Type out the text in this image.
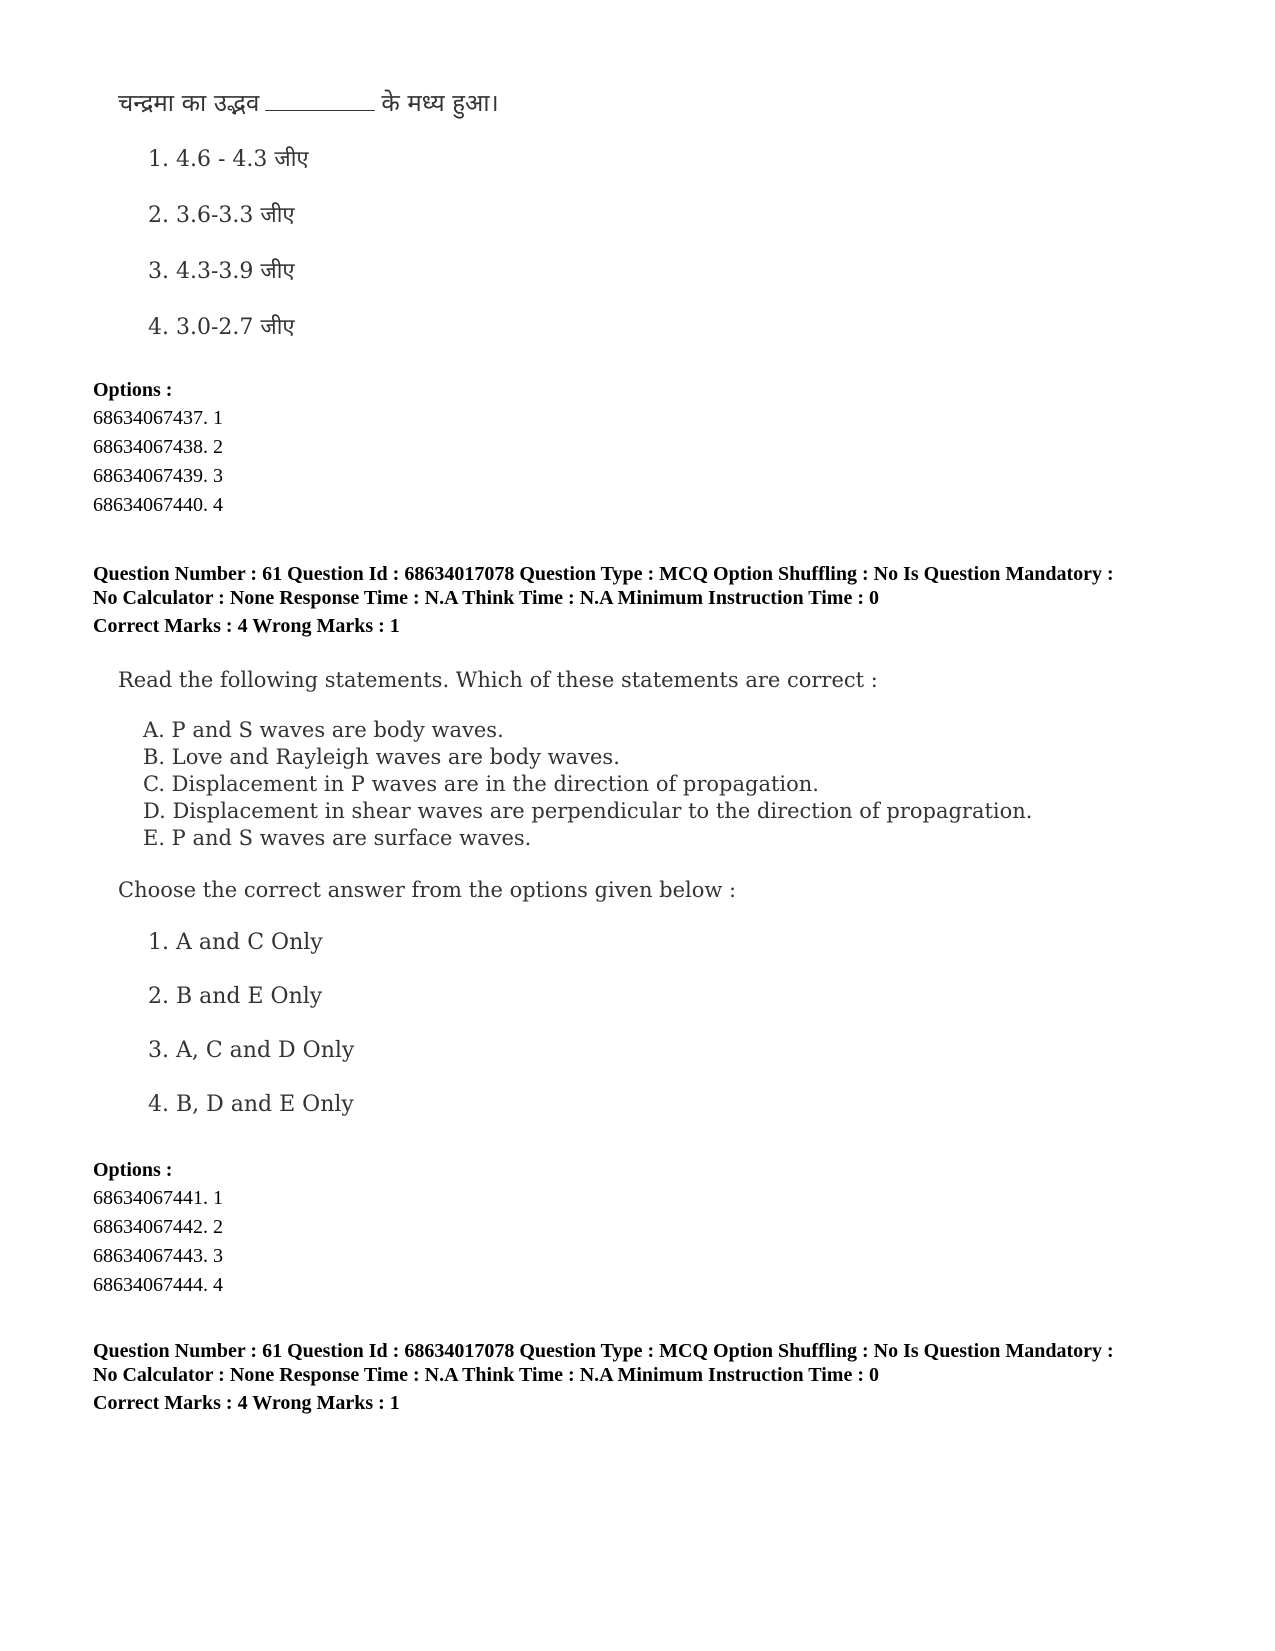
चन्द्रमा का उद्भव	के मध्य हुआ।
1. 4.6 - 4.3 जीए
2. 3.6-3.3 जीए
3. 4.3-3.9 जीए
4. 3.0-2.7 जीए
Options :
68634067437. 1
68634067438. 2
68634067439. 3
68634067440. 4
Question Number : 61 Question Id : 68634017078 Question Type : MCQ Option Shuffling : No Is Question Mandatory :
No Calculator : None Response Time : N.A Think Time : N.A Minimum Instruction Time : 0
Correct Marks : 4 Wrong Marks : 1
Read the following statements. Which of these statements are correct :
A. P and S waves are body waves.
B. Love and Rayleigh waves are body waves.
C. Displacement in P waves are in the direction of propagation.
D. Displacement in shear waves are perpendicular to the direction of propagration.
E. P and S waves are surface waves.
Choose the correct answer from the options given below :
1. A and C Only
2. B and E Only
3. A, C and D Only
4. B, D and E Only
Options :
68634067441. 1
68634067442. 2
68634067443. 3
68634067444. 4
Question Number : 61 Question Id : 68634017078 Question Type : MCQ Option Shuffling : No Is Question Mandatory :
No Calculator : None Response Time : N.A Think Time : N.A Minimum Instruction Time : 0
Correct Marks : 4 Wrong Marks : 1
